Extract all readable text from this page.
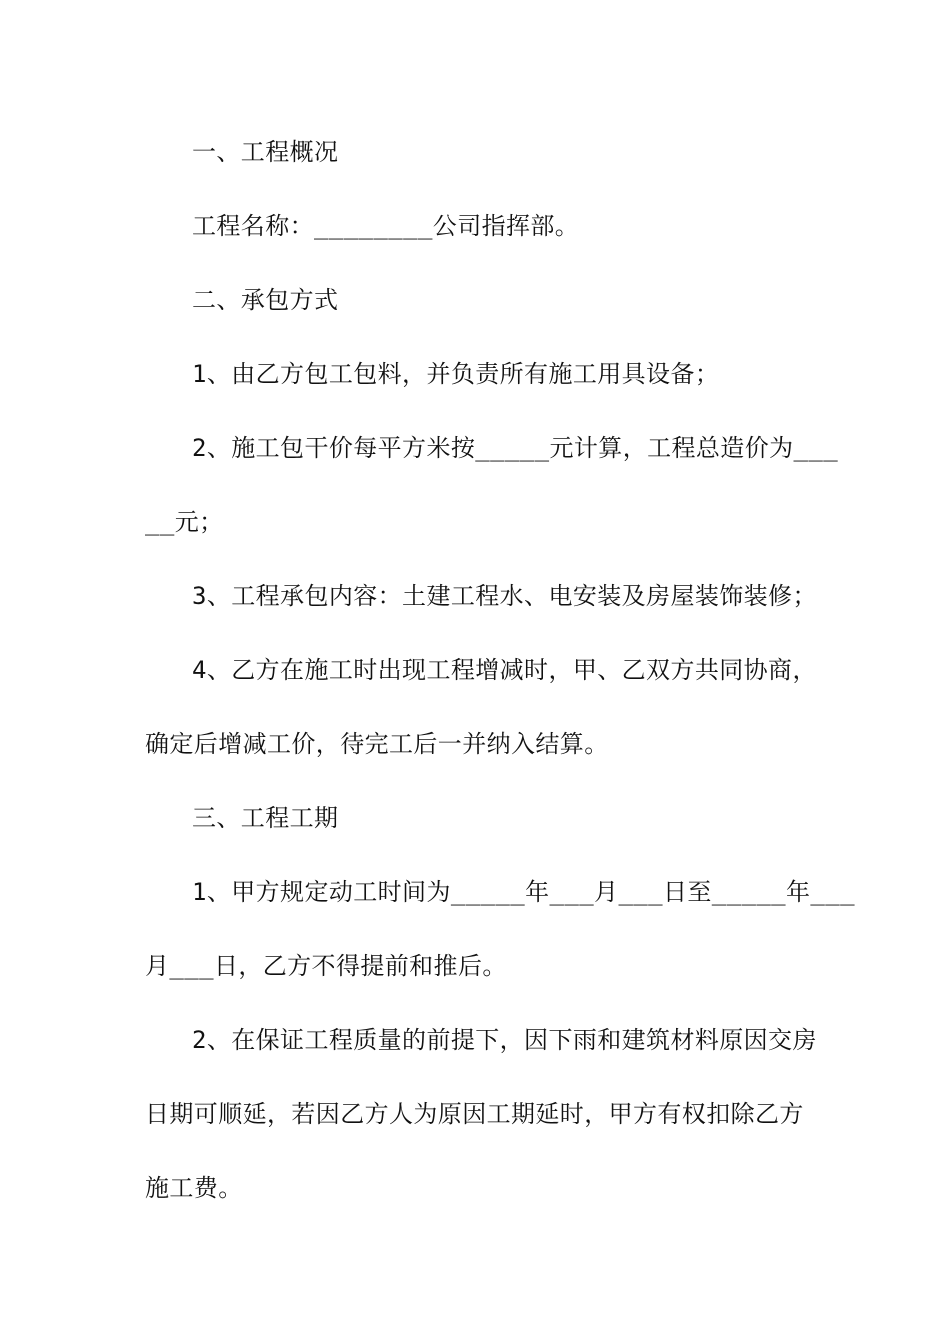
一、工程概况
工程名称：________公司指挥部。
二、承包方式
1、由乙方包工包料，并负责所有施工用具设备；
2、施工包干价每平方米按_____元计算，工程总造价为___
__元；
3、工程承包内容：土建工程水、电安装及房屋装饰装修；
4、乙方在施工时出现工程增减时，甲、乙双方共同协商，
确定后增减工价，待完工后一并纳入结算。
三、工程工期
1、甲方规定动工时间为_____年___月___日至_____年___
月___日，乙方不得提前和推后。
2、在保证工程质量的前提下，因下雨和建筑材料原因交房
日期可顺延，若因乙方人为原因工期延时，甲方有权扣除乙方
施工费。
